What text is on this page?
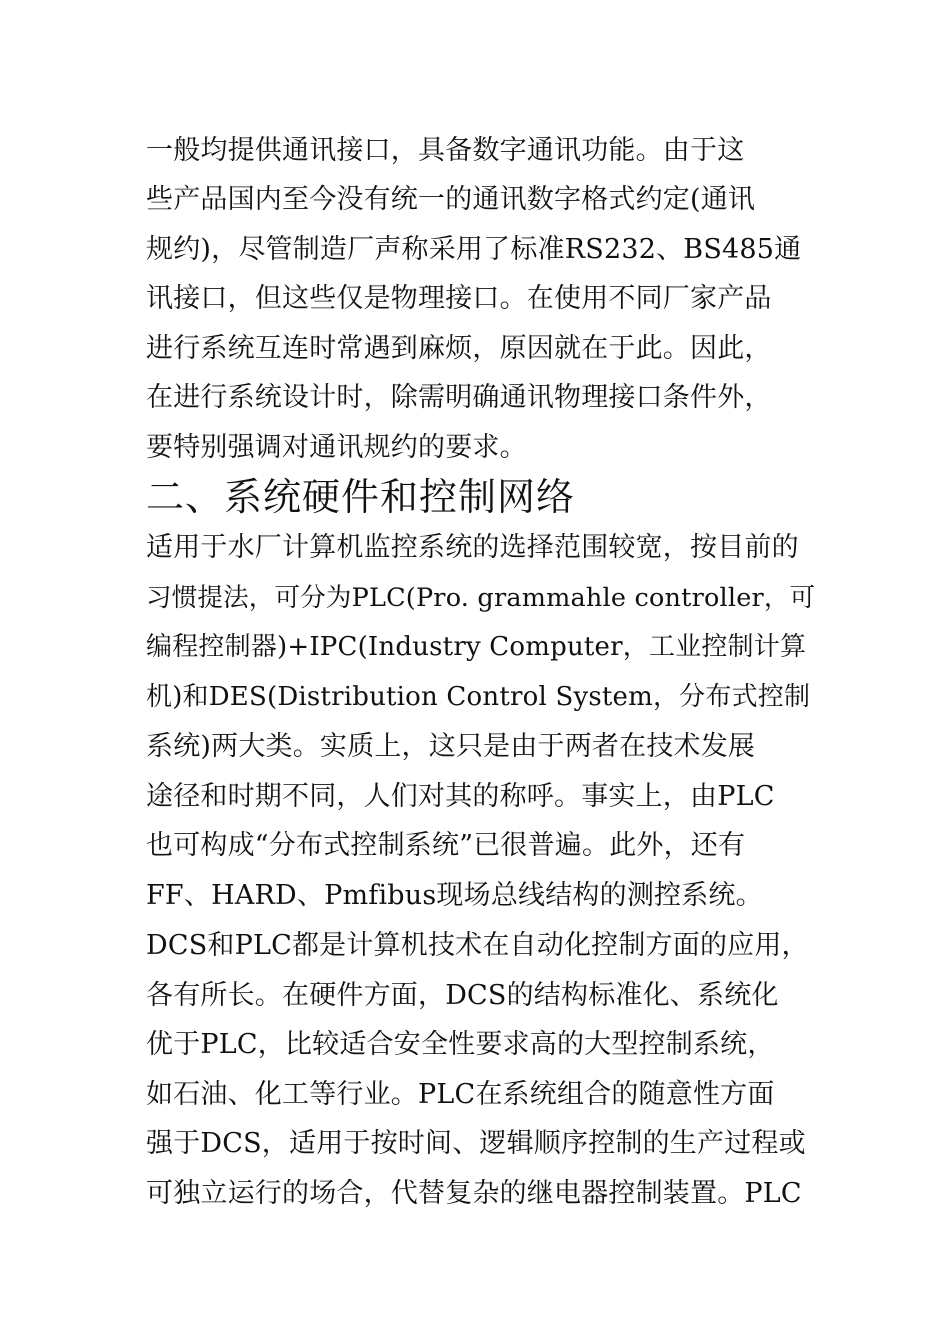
一般均提供通讯接口，具备数字通讯功能。由于这
些产品国内至今没有统一的通讯数字格式约定(通讯
规约)，尽管制造厂声称采用了标准RS232、BS485通
讯接口，但这些仅是物理接口。在使用不同厂家产品
进行系统互连时常遇到麻烦，原因就在于此。因此，
在进行系统设计时，除需明确通讯物理接口条件外，
要特别强调对通讯规约的要求。
二、系统硬件和控制网络
适用于水厂计算机监控系统的选择范围较宽，按目前的
习惯提法，可分为PLC(Pro. grammahle controller，可
编程控制器)+IPC(Industry Computer，工业控制计算
机)和DES(Distribution Control System，分布式控制
系统)两大类。实质上，这只是由于两者在技术发展
途径和时期不同，人们对其的称呼。事实上，由PLC
也可构成“分布式控制系统”已很普遍。此外，还有
FF、HARD、Pmfibus现场总线结构的测控系统。
DCS和PLC都是计算机技术在自动化控制方面的应用，
各有所长。在硬件方面，DCS的结构标准化、系统化
优于PLC，比较适合安全性要求高的大型控制系统，
如石油、化工等行业。PLC在系统组合的随意性方面
强于DCS，适用于按时间、逻辑顺序控制的生产过程或
可独立运行的场合，代替复杂的继电器控制装置。PLC
